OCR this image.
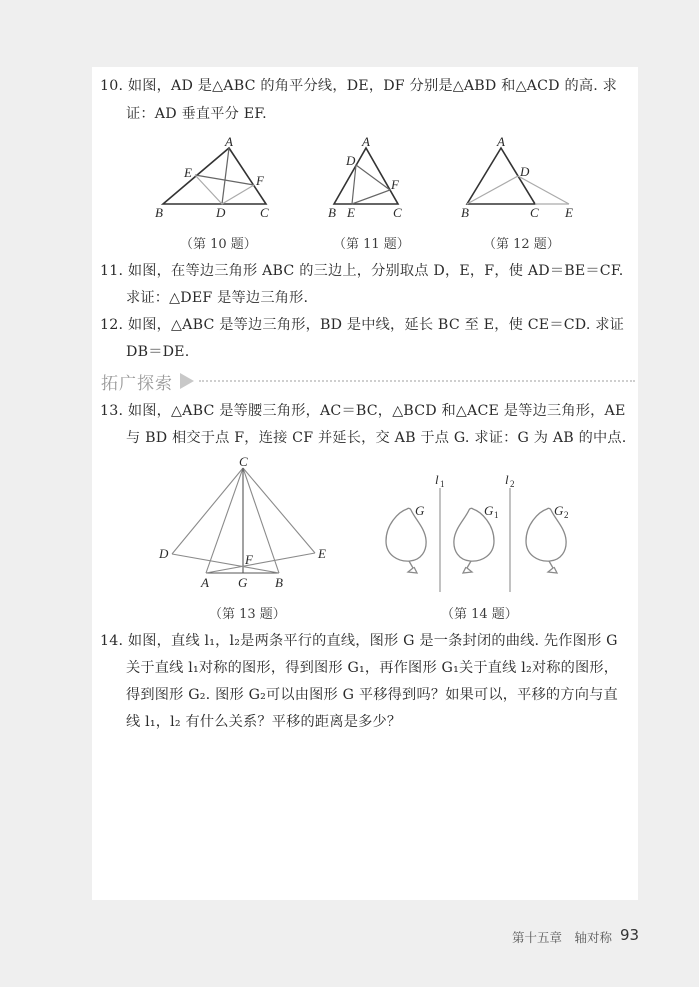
10. 如图，AD 是△ABC 的角平分线，DE，DF 分别是△ABD 和△ACD 的高. 求
证：AD 垂直平分 EF.
A
B	C
D
E
F
A
B	C
D
E
F
A
B	C
D
E
（第 10 题）	（第 11 题）	（第 12 题）
11. 如图，在等边三角形 ABC 的三边上，分别取点 D，E，F，使 AD＝BE＝CF.
求证：△DEF 是等边三角形.
12. 如图，△ABC 是等边三角形，BD 是中线，延长 BC 至 E，使 CE＝CD. 求证
DB＝DE.
拓广探索
13. 如图，△ABC 是等腰三角形，AC＝BC，△BCD 和△ACE 是等边三角形，AE
与 BD 相交于点 F，连接 CF 并延长，交 AB 于点 G. 求证：G 为 AB 的中点.
C
D	E
F
A G B
l 1	l 2
G	G 1	G 2
（第 13 题）	（第 14 题）
14. 如图，直线 l₁，l₂是两条平行的直线，图形 G 是一条封闭的曲线. 先作图形 G
关于直线 l₁对称的图形，得到图形 G₁，再作图形 G₁关于直线 l₂对称的图形，
得到图形 G₂. 图形 G₂可以由图形 G 平移得到吗？如果可以，平移的方向与直
线 l₁，l₂ 有什么关系？平移的距离是多少？
第十五章　轴对称 93
